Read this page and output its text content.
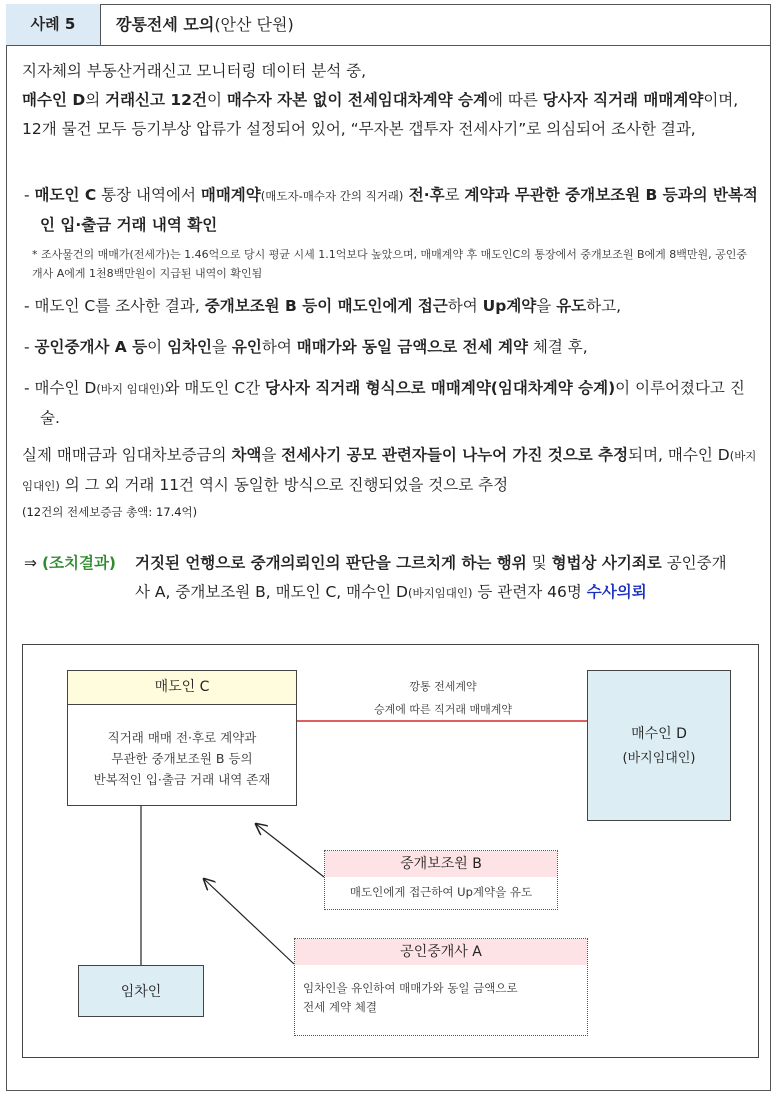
사례 5	깡통전세 모의(안산 단원)
지자체의 부동산거래신고 모니터링 데이터 분석 중,
매수인 D의 거래신고 12건이 매수자 자본 없이 전세임대차계약 승계에 따른 당사자 직거래 매매계약이며, 12개 물건 모두 등기부상 압류가 설정되어 있어, “무자본 갭투자 전세사기”로 의심되어 조사한 결과,
- 매도인 C 통장 내역에서 매매계약(매도자-매수자 간의 직거래) 전·후로 계약과 무관한 중개보조원 B 등과의 반복적인 입·출금 거래 내역 확인
* 조사물건의 매매가(전세가)는 1.46억으로 당시 평균 시세 1.1억보다 높았으며, 매매계약 후 매도인C의 통장에서 중개보조원 B에게 8백만원, 공인중개사 A에게 1천8백만원이 지급된 내역이 확인됨
- 매도인 C를 조사한 결과, 중개보조원 B 등이 매도인에게 접근하여 Up계약을 유도하고,
- 공인중개사 A 등이 임차인을 유인하여 매매가와 동일 금액으로 전세 계약 체결 후,
- 매수인 D(바지 임대인)와 매도인 C간 당사자 직거래 형식으로 매매계약(임대차계약 승계)이 이루어졌다고 진술.
실제 매매금과 임대차보증금의 차액을 전세사기 공모 관련자들이 나누어 가진 것으로 추정되며, 매수인 D(바지임대인) 의 그 외 거래 11건 역시 동일한 방식으로 진행되었을 것으로 추정
(12건의 전세보증금 총액: 17.4억)
⇒ (조치결과)	거짓된 언행으로 중개의뢰인의 판단을 그르치게 하는 행위 및 형법상 사기죄로 공인중개사 A, 중개보조원 B, 매도인 C, 매수인 D(바지임대인) 등 관련자 46명 수사의뢰
매도인 C
직거래 매매 전·후로 계약과
무관한 중개보조원 B 등의
반복적인 입·출금 거래 내역 존재
깡통 전세계약
승계에 따른 직거래 매매계약
매수인 D
(바지임대인)
중개보조원 B
매도인에게 접근하여 Up계약을 유도
공인중개사 A
임차인을 유인하여 매매가와 동일 금액으로
전세 계약 체결
임차인
